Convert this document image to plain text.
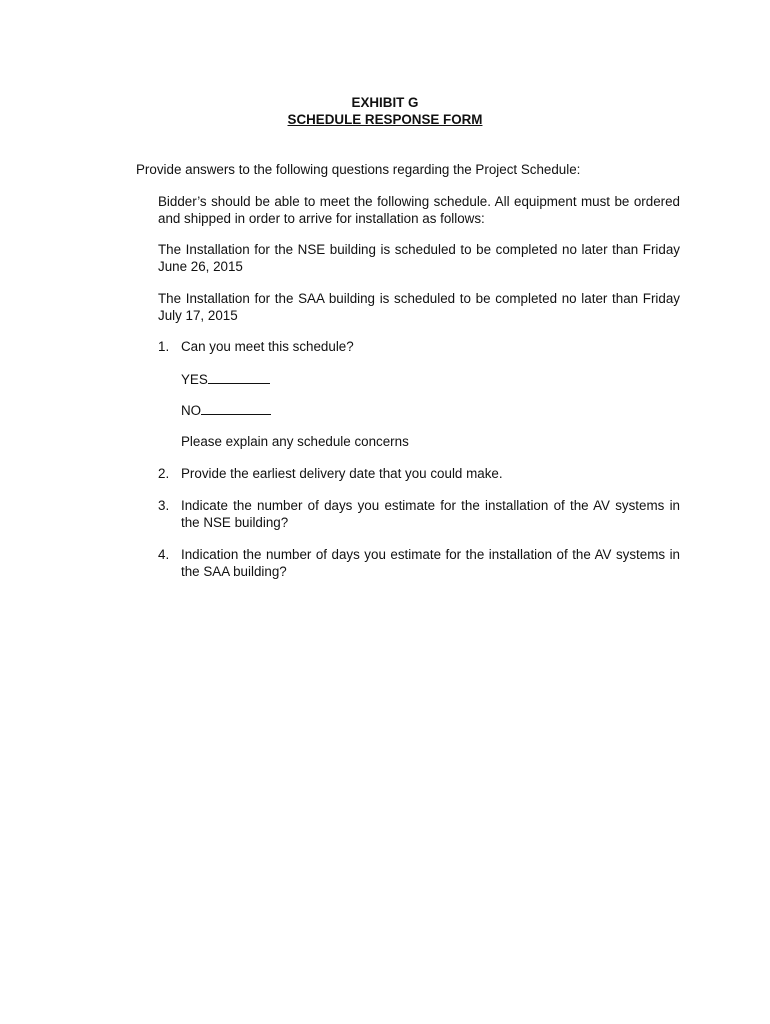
EXHIBIT G
SCHEDULE RESPONSE FORM
Provide answers to the following questions regarding the Project Schedule:
Bidder’s should be able to meet the following schedule. All equipment must be ordered and shipped in order to arrive for installation as follows:
The Installation for the NSE building is scheduled to be completed no later than Friday June 26, 2015
The Installation for the SAA building is scheduled to be completed no later than Friday July 17, 2015
1. Can you meet this schedule?
YES
NO
Please explain any schedule concerns
2. Provide the earliest delivery date that you could make.
3. Indicate the number of days you estimate for the installation of the AV systems in the NSE building?
4. Indication the number of days you estimate for the installation of the AV systems in the SAA building?
